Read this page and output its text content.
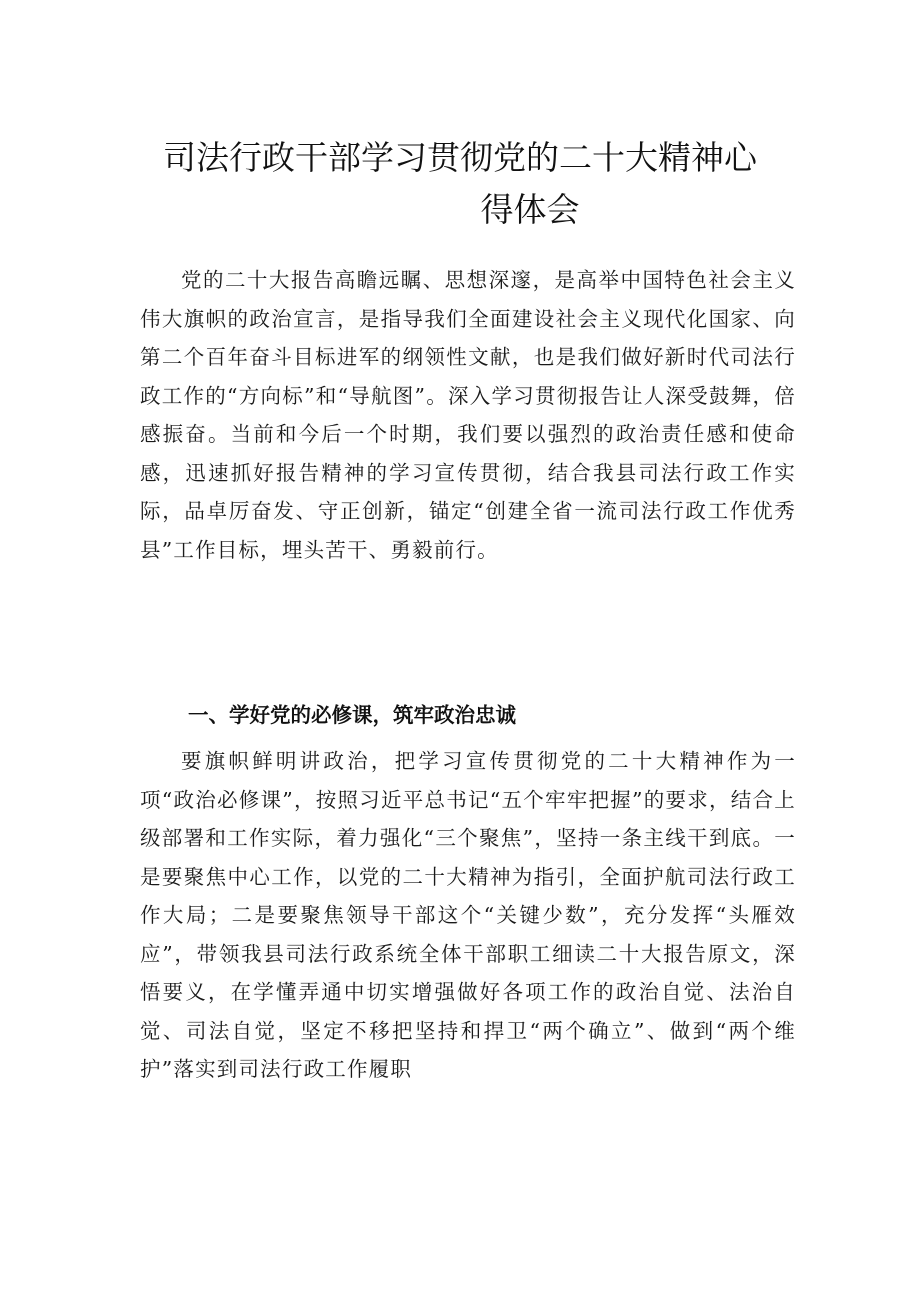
司法行政干部学习贯彻党的二十大精神心
得体会

党的二十大报告高瞻远瞩、思想深邃，是高举中国特色社会主义伟大旗帜的政治宣言，是指导我们全面建设社会主义现代化国家、向第二个百年奋斗目标进军的纲领性文献，也是我们做好新时代司法行政工作的“方向标”和“导航图”。深入学习贯彻报告让人深受鼓舞，倍感振奋。当前和今后一个时期，我们要以强烈的政治责任感和使命感，迅速抓好报告精神的学习宣传贯彻，结合我县司法行政工作实际，品卓厉奋发、守正创新，锚定“创建全省一流司法行政工作优秀县”工作目标，埋头苦干、勇毅前行。

一、学好党的必修课，筑牢政治忠诚

要旗帜鲜明讲政治，把学习宣传贯彻党的二十大精神作为一项“政治必修课”，按照习近平总书记“五个牢牢把握”的要求，结合上级部署和工作实际，着力强化“三个聚焦”，坚持一条主线干到底。一是要聚焦中心工作，以党的二十大精神为指引，全面护航司法行政工作大局；二是要聚焦领导干部这个“关键少数”，充分发挥“头雁效应”，带领我县司法行政系统全体干部职工细读二十大报告原文，深悟要义，在学懂弄通中切实增强做好各项工作的政治自觉、法治自觉、司法自觉，坚定不移把坚持和捍卫“两个确立”、做到“两个维护”落实到司法行政工作履职
